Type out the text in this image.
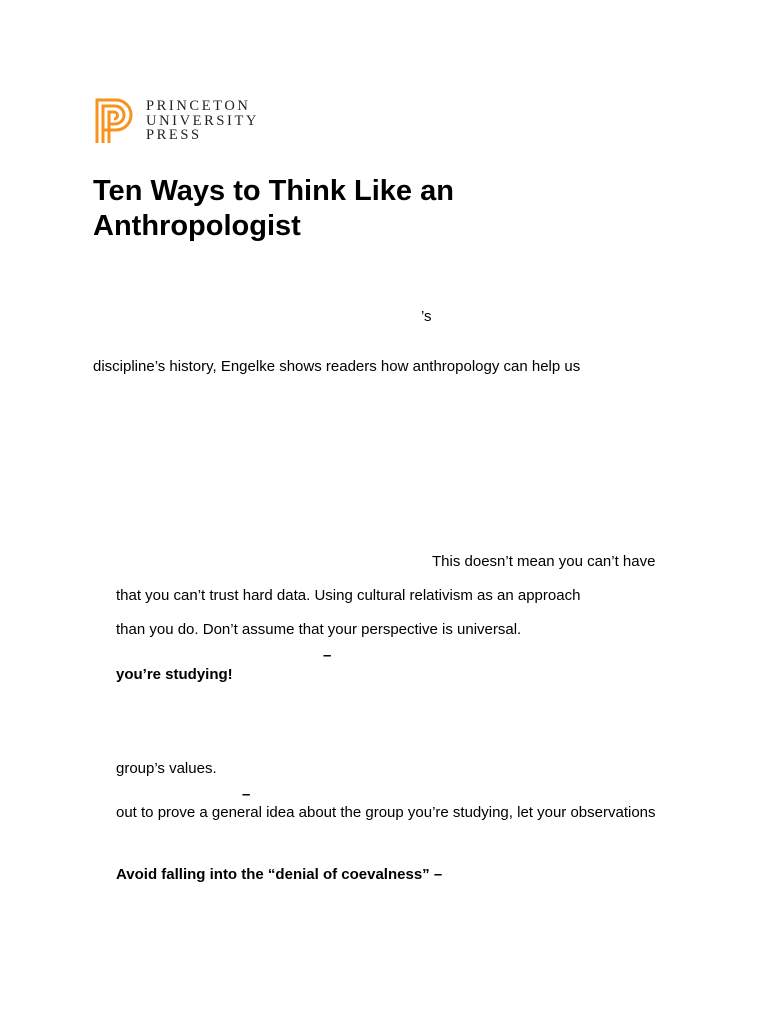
PRINCETON
UNIVERSITY
PRESS
Ten Ways to Think Like an Anthropologist
’s
discipline’s history, Engelke shows readers how anthropology can help us
This doesn’t mean you can’t have
that you can’t trust hard data. Using cultural relativism as an approach
than you do. Don’t assume that your perspective is universal.
–
you’re studying!
group’s values.
–
out to prove a general idea about the group you’re studying, let your observations
Avoid falling into the “denial of coevalness” –
